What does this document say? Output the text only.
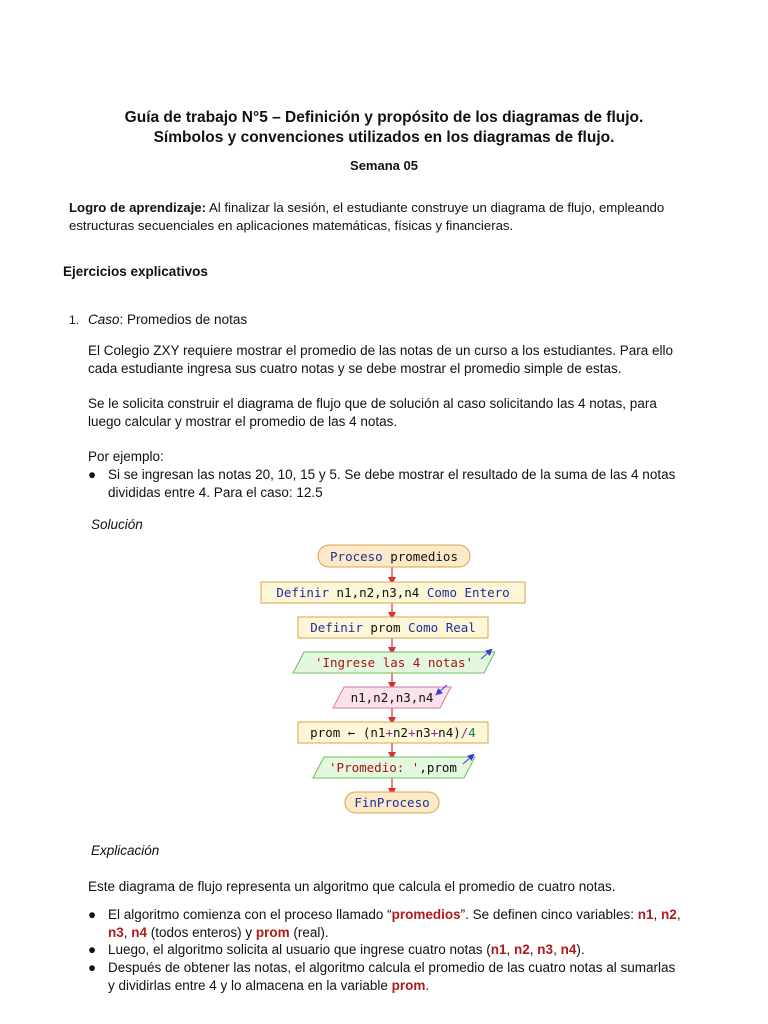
Guía de trabajo N°5 – Definición y propósito de los diagramas de flujo.
Símbolos y convenciones utilizados en los diagramas de flujo.
Semana 05
Logro de aprendizaje: Al finalizar la sesión, el estudiante construye un diagrama de flujo, empleando
estructuras secuenciales en aplicaciones matemáticas, físicas y financieras.
Ejercicios explicativos
1. Caso: Promedios de notas
El Colegio ZXY requiere mostrar el promedio de las notas de un curso a los estudiantes. Para ello
cada estudiante ingresa sus cuatro notas y se debe mostrar el promedio simple de estas.
Se le solicita construir el diagrama de flujo que de solución al caso solicitando las 4 notas, para
luego calcular y mostrar el promedio de las 4 notas.
Por ejemplo:
● Si se ingresan las notas 20, 10, 15 y 5. Se debe mostrar el resultado de la suma de las 4 notas
divididas entre 4. Para el caso: 12.5
Solución
Proceso promedios
Definir n1,n2,n3,n4 Como Entero
Definir prom Como Real
'Ingrese las 4 notas'
n1,n2,n3,n4
prom ← (n1+n2+n3+n4)/4
'Promedio: ',prom
FinProceso
Explicación
Este diagrama de flujo representa un algoritmo que calcula el promedio de cuatro notas.
● El algoritmo comienza con el proceso llamado “promedios”. Se definen cinco variables: n1, n2,
n3, n4 (todos enteros) y prom (real).
● Luego, el algoritmo solicita al usuario que ingrese cuatro notas (n1, n2, n3, n4).
● Después de obtener las notas, el algoritmo calcula el promedio de las cuatro notas al sumarlas
y dividirlas entre 4 y lo almacena en la variable prom.
